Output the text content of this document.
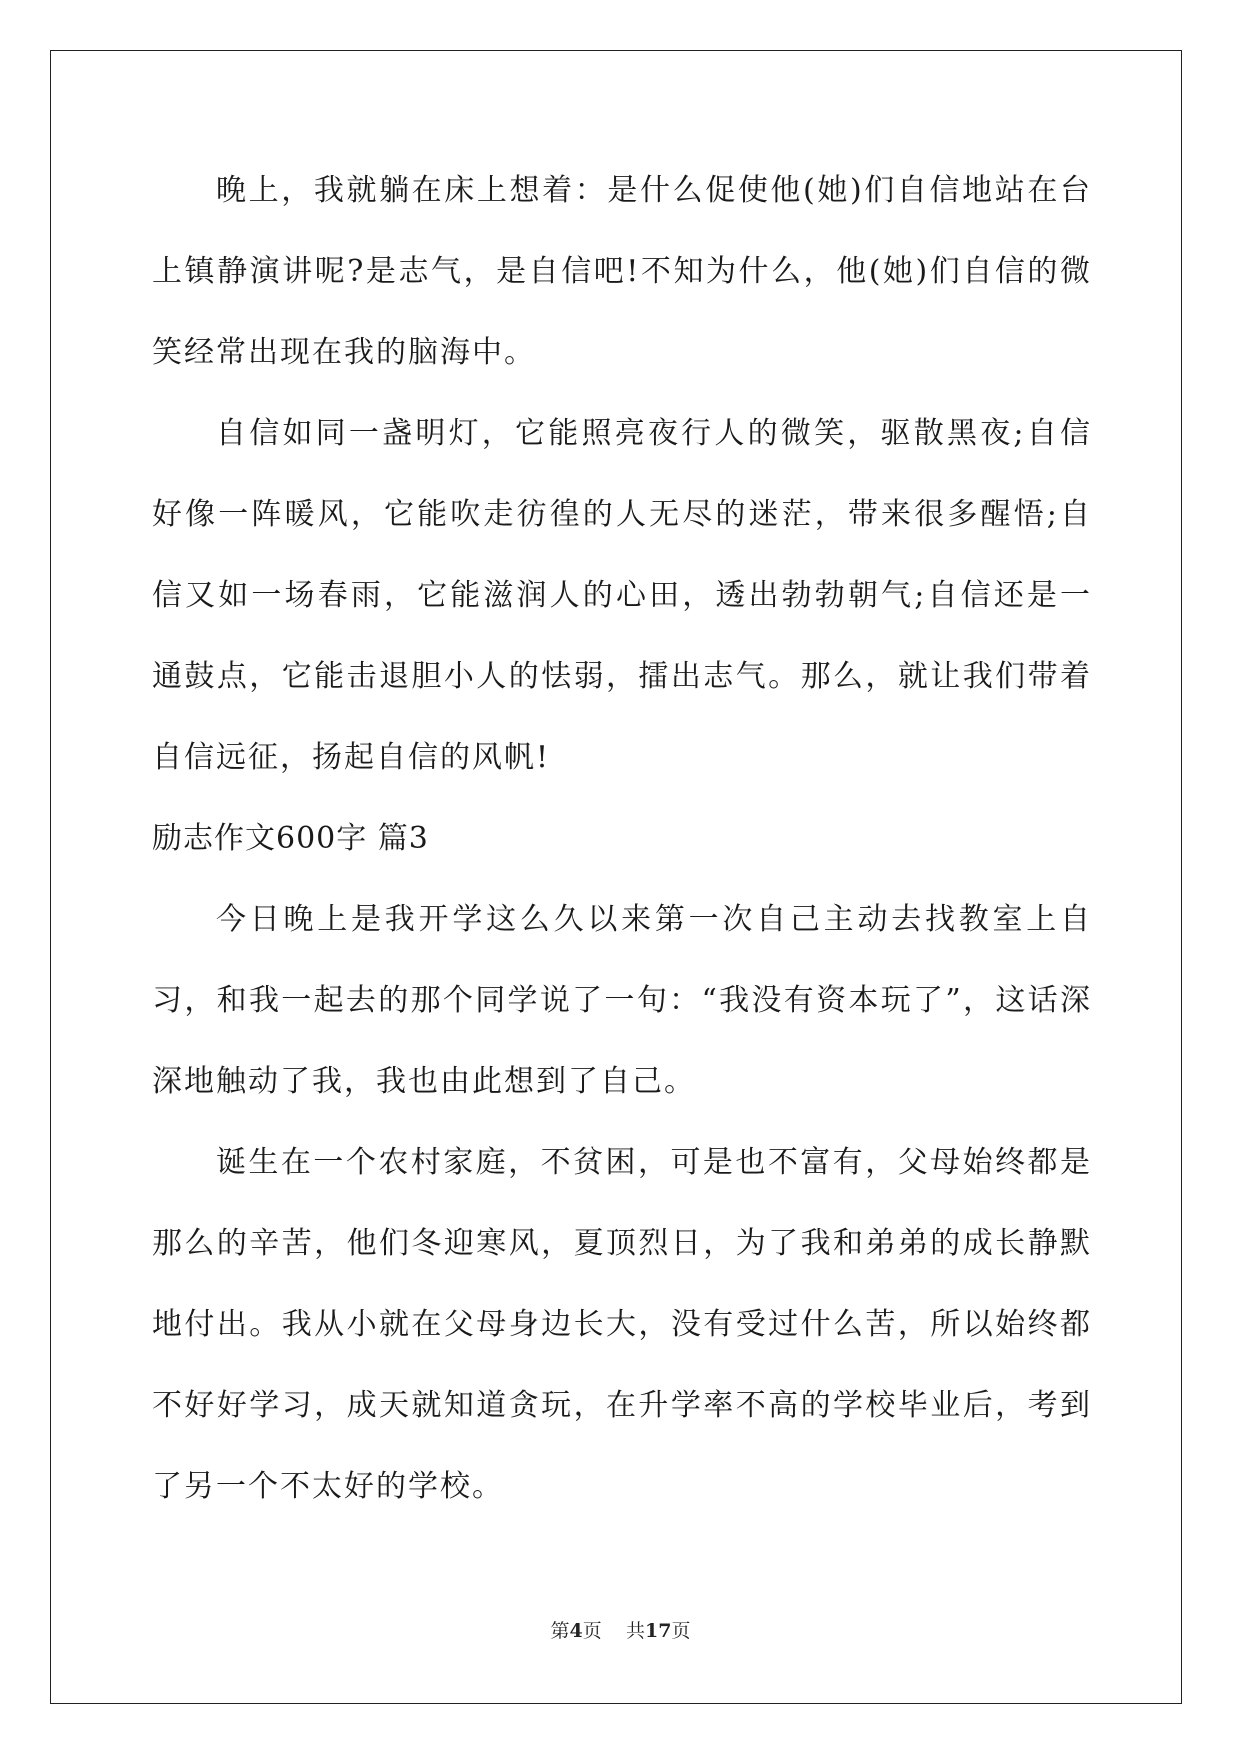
晚上，我就躺在床上想着：是什么促使他(她)们自信地站在台上镇静演讲呢?是志气，是自信吧!不知为什么，他(她)们自信的微笑经常出现在我的脑海中。

自信如同一盏明灯，它能照亮夜行人的微笑，驱散黑夜;自信好像一阵暖风，它能吹走彷徨的人无尽的迷茫，带来很多醒悟;自信又如一场春雨，它能滋润人的心田，透出勃勃朝气;自信还是一通鼓点，它能击退胆小人的怯弱，擂出志气。那么，就让我们带着自信远征，扬起自信的风帆!

励志作文600字 篇3

今日晚上是我开学这么久以来第一次自己主动去找教室上自习，和我一起去的那个同学说了一句：“我没有资本玩了”，这话深深地触动了我，我也由此想到了自己。

诞生在一个农村家庭，不贫困，可是也不富有，父母始终都是那么的辛苦，他们冬迎寒风，夏顶烈日，为了我和弟弟的成长静默地付出。我从小就在父母身边长大，没有受过什么苦，所以始终都不好好学习，成天就知道贪玩，在升学率不高的学校毕业后，考到了另一个不太好的学校。

第4页 共17页
